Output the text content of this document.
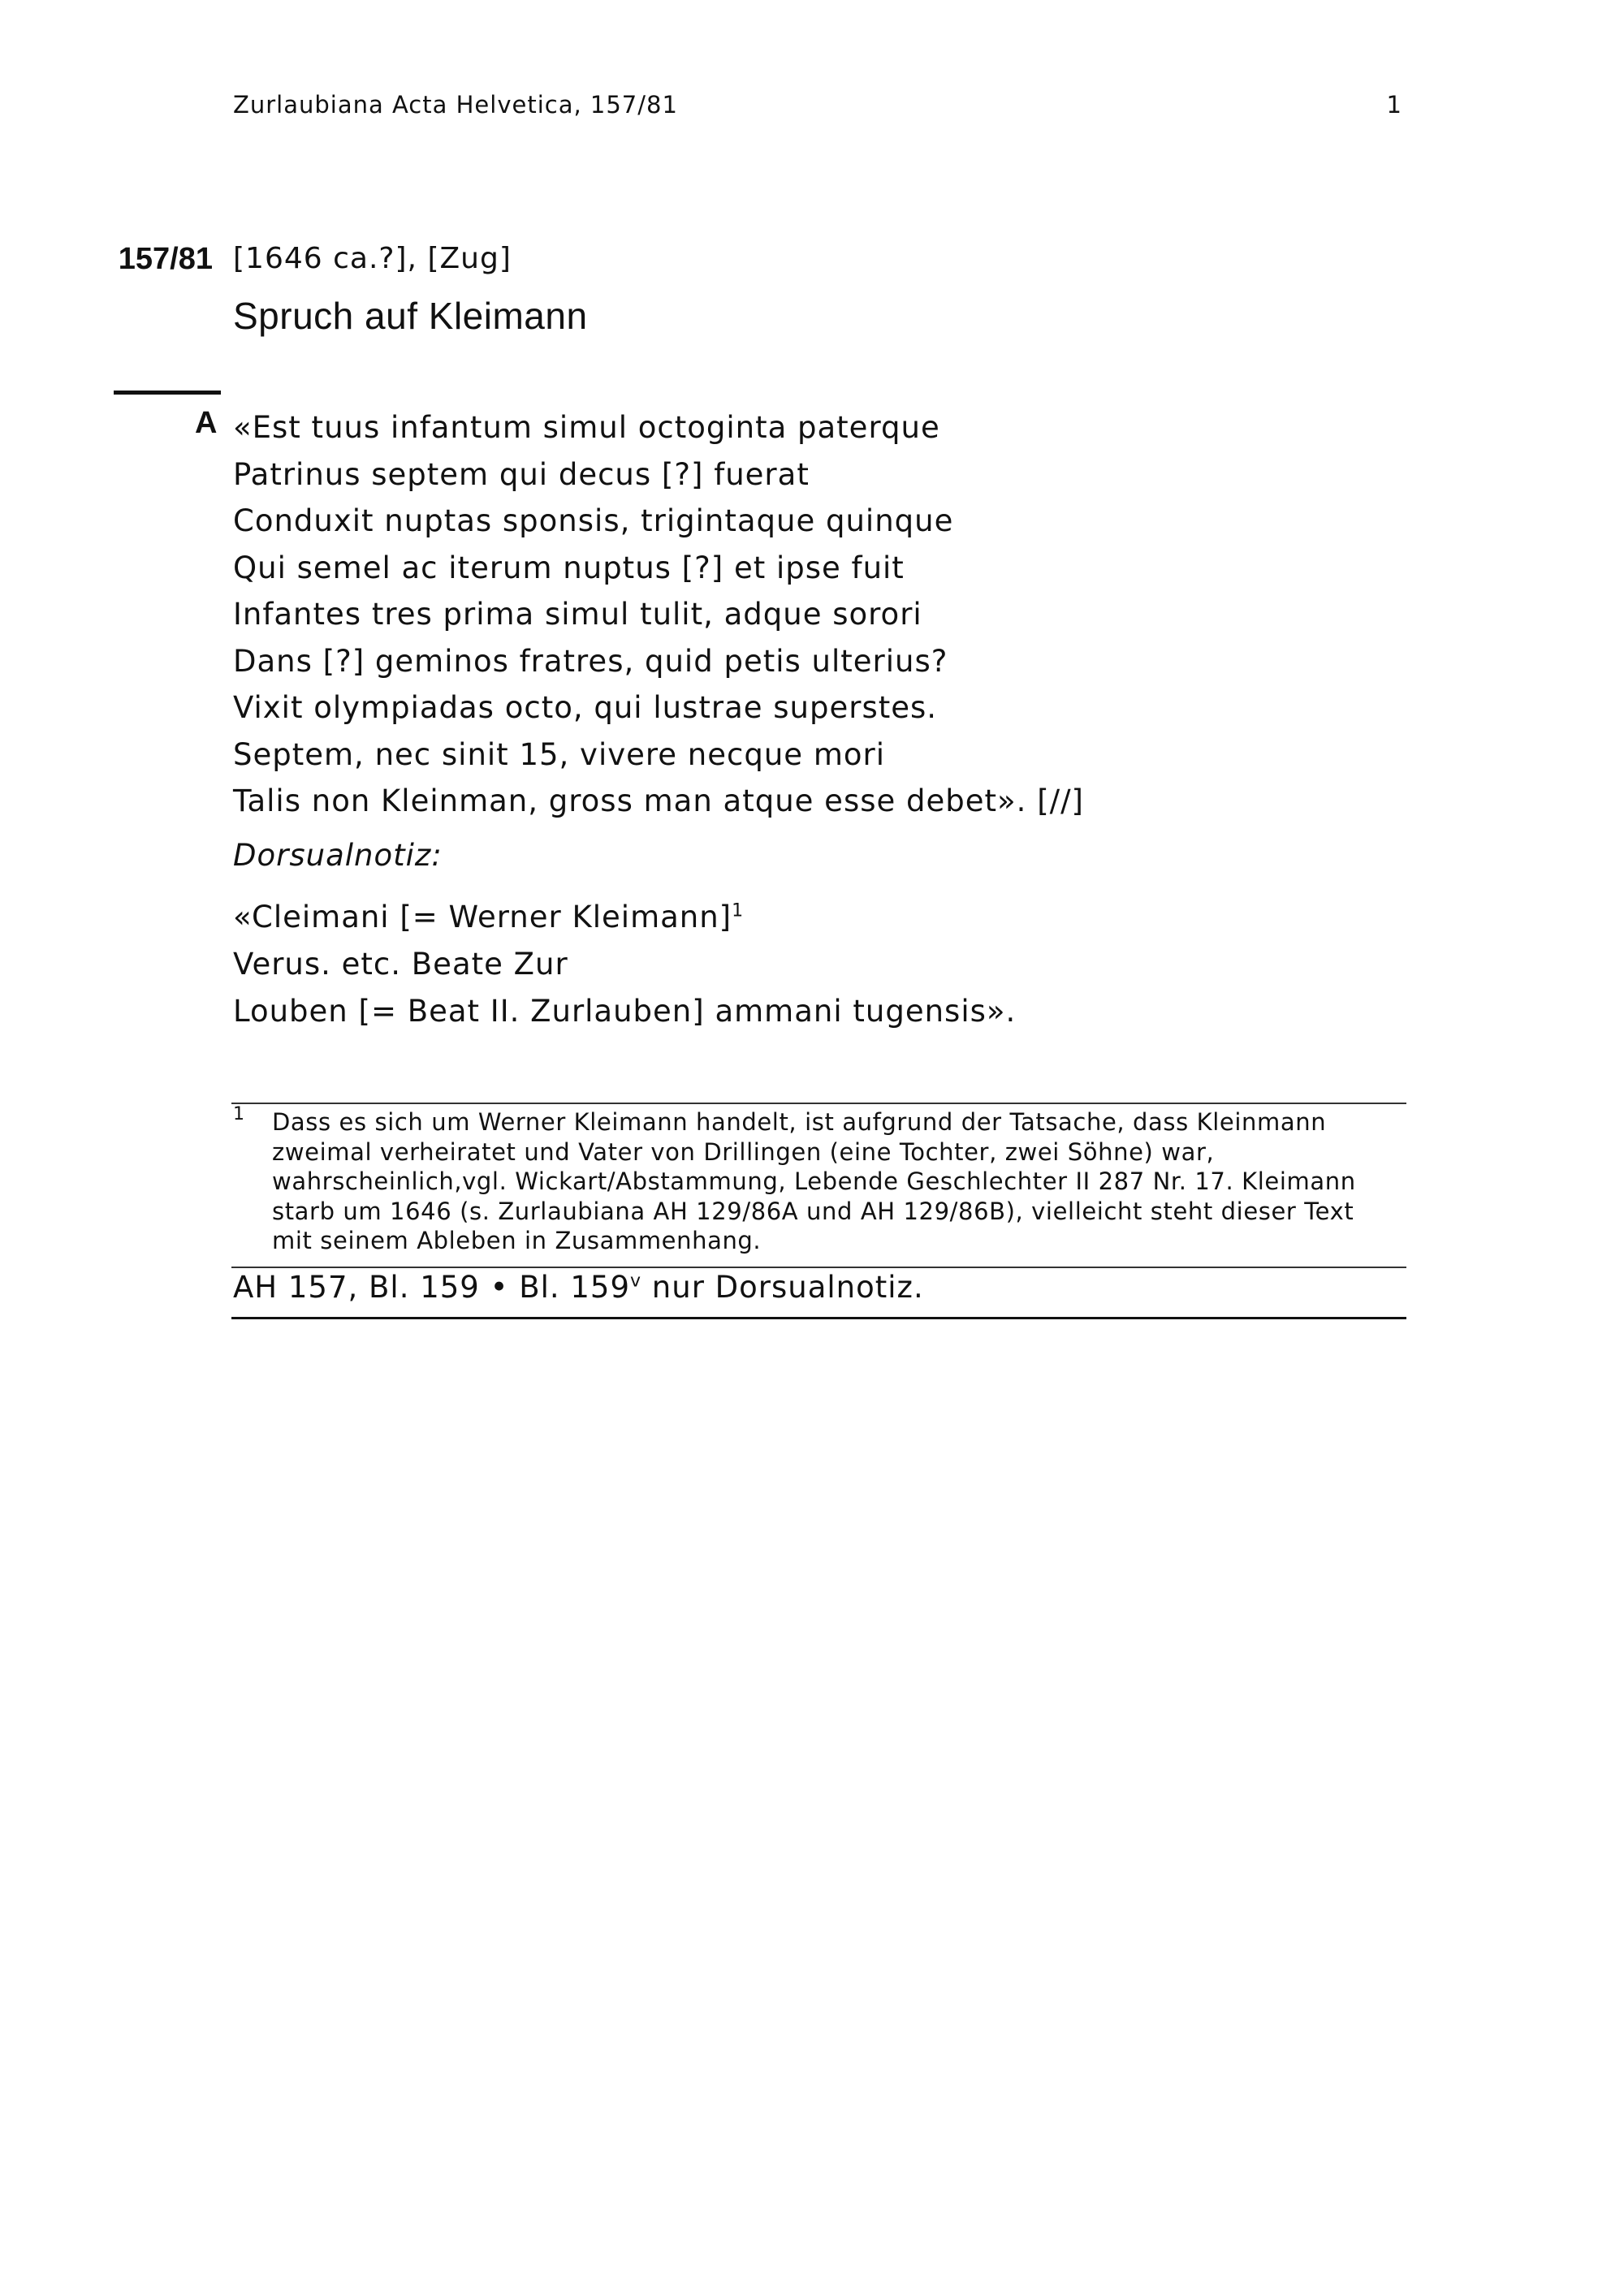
Zurlaubiana Acta Helvetica, 157/81	1
157/81 [1646 ca.?], [Zug]
Spruch auf Kleimann
A «Est tuus infantum simul octoginta paterque
Patrinus septem qui decus [?] fuerat
Conduxit nuptas sponsis, trigintaque quinque
Qui semel ac iterum nuptus [?] et ipse fuit
Infantes tres prima simul tulit, adque sorori
Dans [?] geminos fratres, quid petis ulterius?
Vixit olympiadas octo, qui lustrae superstes.
Septem, nec sinit 15, vivere necque mori
Talis non Kleinman, gross man atque esse debet». [//]
Dorsualnotiz:
«Cleimani [= Werner Kleimann]$^1$
Verus. etc. Beate Zur
Louben [= Beat II. Zurlauben] ammani tugensis».
1 Dass es sich um Werner Kleimann handelt, ist aufgrund der Tatsache, dass Kleinmann
zweimal verheiratet und Vater von Drillingen (eine Tochter, zwei Söhne) war,
wahrscheinlich,vgl. Wickart/Abstammung, Lebende Geschlechter II 287 Nr. 17. Kleimann
starb um 1646 (s. Zurlaubiana AH 129/86A und AH 129/86B), vielleicht steht dieser Text
mit seinem Ableben in Zusammenhang.
AH 157, Bl. 159 • Bl. 159$^v$ nur Dorsualnotiz.
